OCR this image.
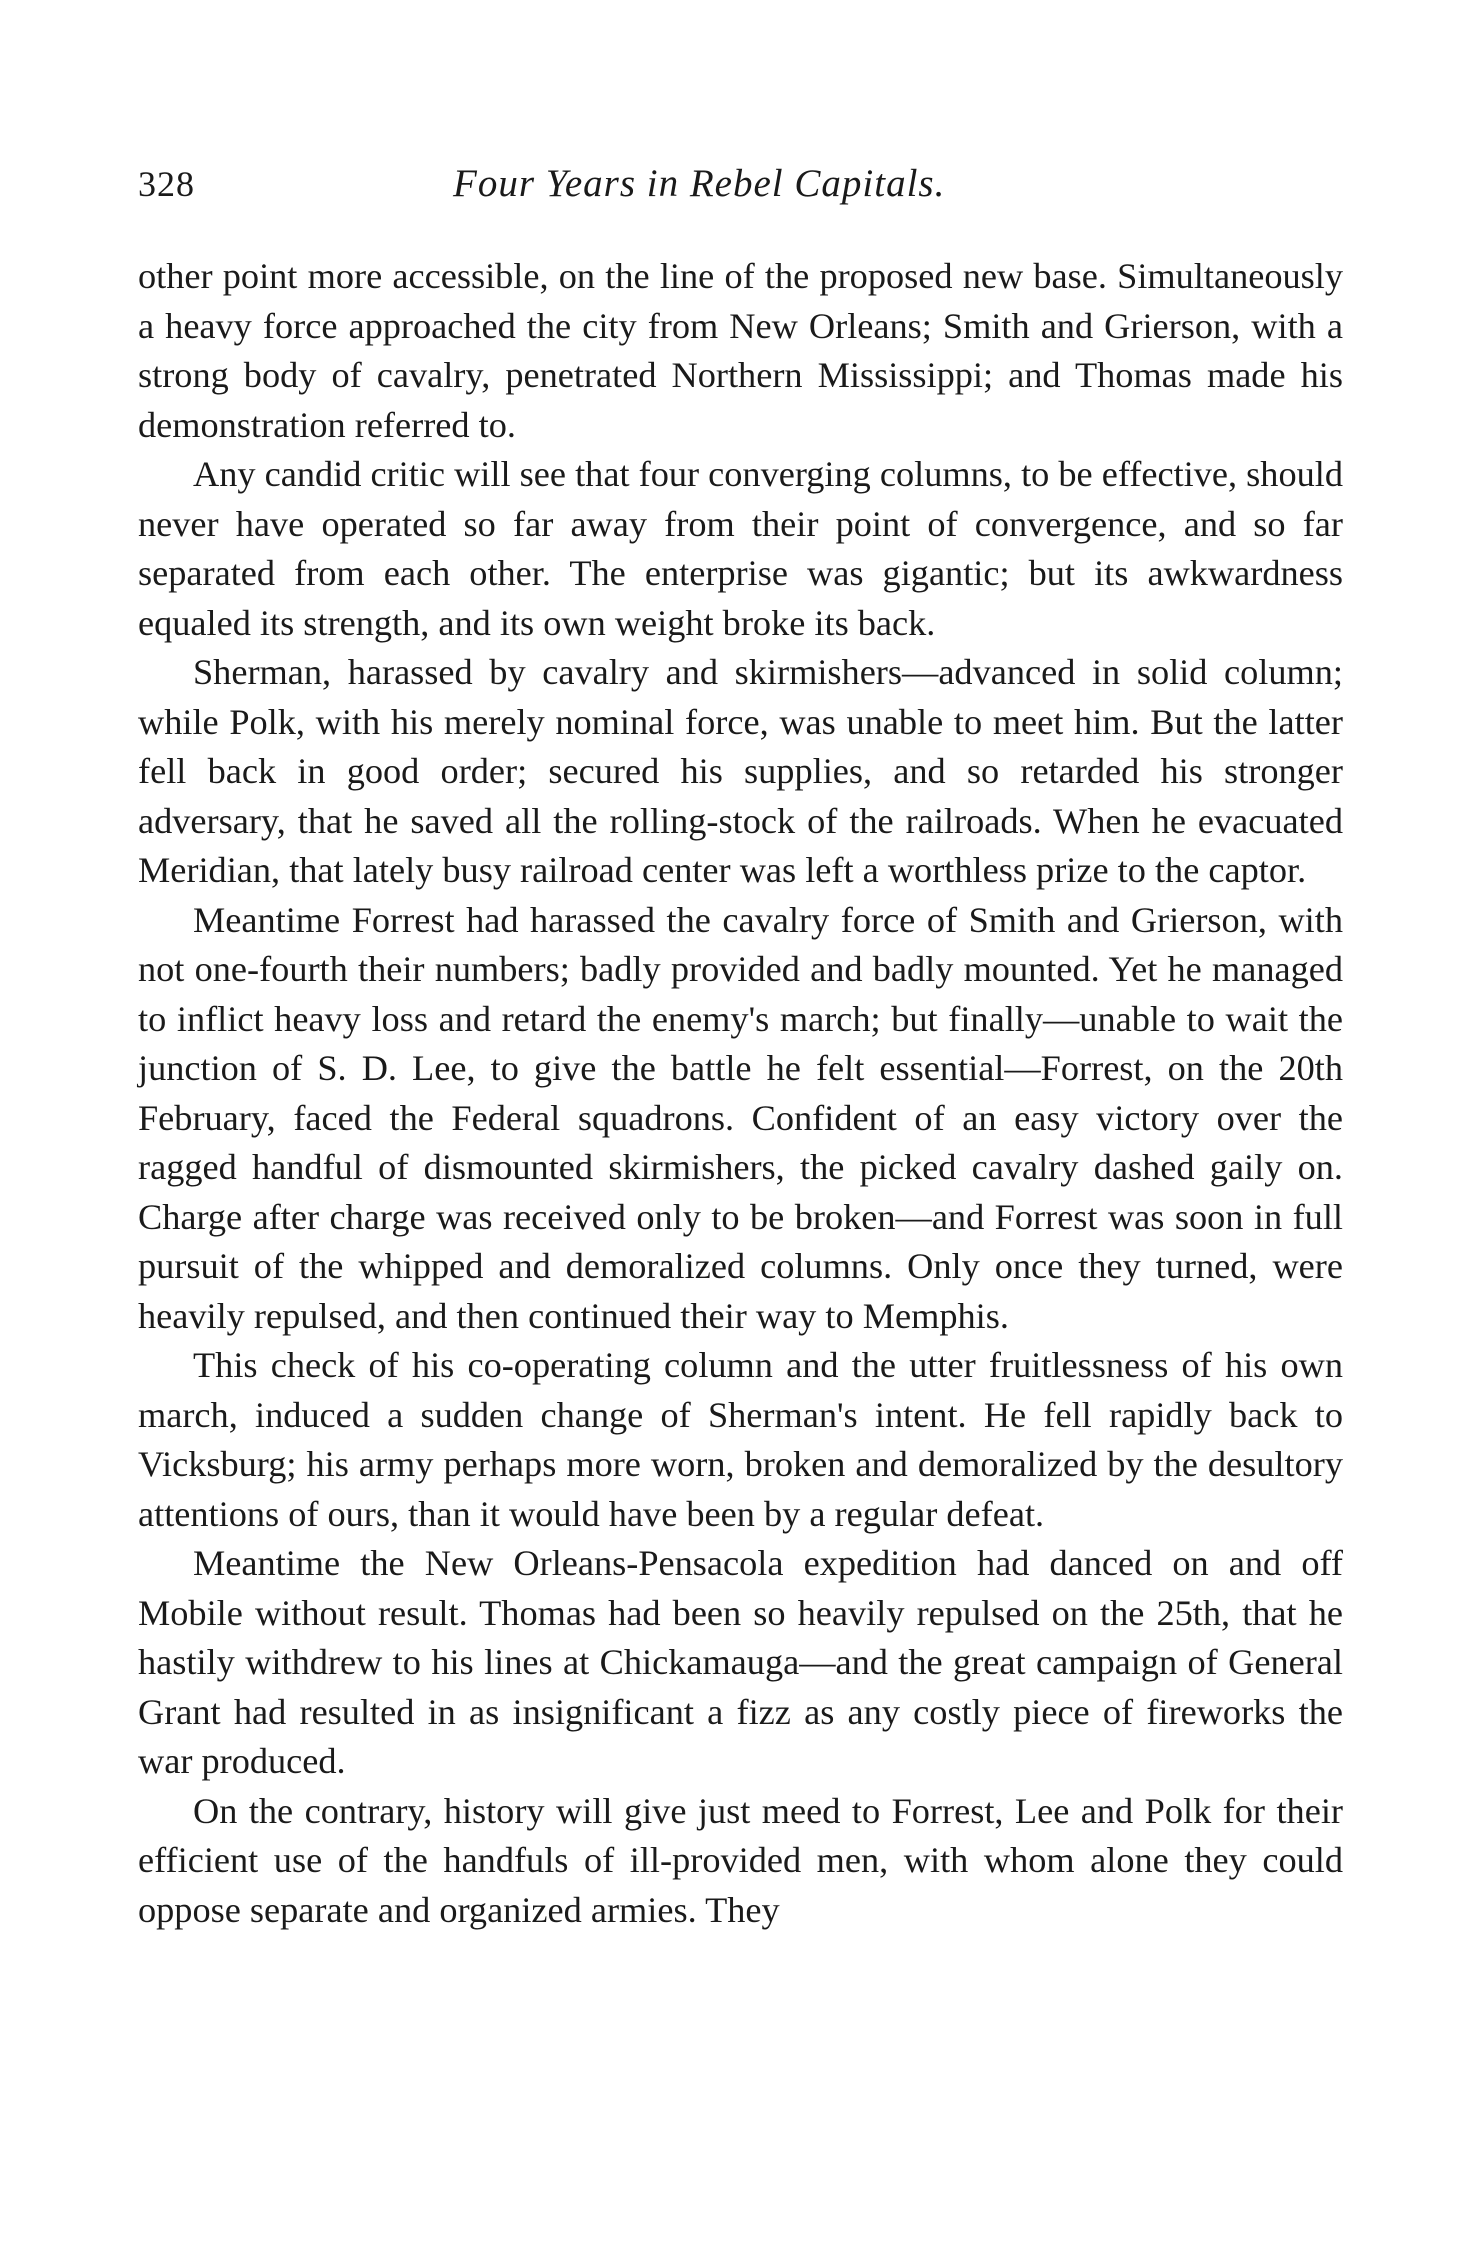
328	Four Years in Rebel Capitals.

other point more accessible, on the line of the proposed new base. Simultaneously a heavy force approached the city from New Orleans; Smith and Grierson, with a strong body of cavalry, penetrated Northern Mississippi; and Thomas made his demonstration referred to.

Any candid critic will see that four converging columns, to be effective, should never have operated so far away from their point of convergence, and so far separated from each other. The enterprise was gigantic; but its awkwardness equaled its strength, and its own weight broke its back.

Sherman, harassed by cavalry and skirmishers—advanced in solid column; while Polk, with his merely nominal force, was unable to meet him. But the latter fell back in good order; secured his supplies, and so retarded his stronger adversary, that he saved all the rolling-stock of the railroads. When he evacuated Meridian, that lately busy railroad center was left a worthless prize to the captor.

Meantime Forrest had harassed the cavalry force of Smith and Grierson, with not one-fourth their numbers; badly provided and badly mounted. Yet he managed to inflict heavy loss and retard the enemy's march; but finally—unable to wait the junction of S. D. Lee, to give the battle he felt essential—Forrest, on the 20th February, faced the Federal squadrons. Confident of an easy victory over the ragged handful of dismounted skirmishers, the picked cavalry dashed gaily on. Charge after charge was received only to be broken—and Forrest was soon in full pursuit of the whipped and demoralized columns. Only once they turned, were heavily repulsed, and then continued their way to Memphis.

This check of his co-operating column and the utter fruitlessness of his own march, induced a sudden change of Sherman's intent. He fell rapidly back to Vicksburg; his army perhaps more worn, broken and demoralized by the desultory attentions of ours, than it would have been by a regular defeat.

Meantime the New Orleans-Pensacola expedition had danced on and off Mobile without result. Thomas had been so heavily repulsed on the 25th, that he hastily withdrew to his lines at Chickamauga—and the great campaign of General Grant had resulted in as insignificant a fizz as any costly piece of fireworks the war produced.

On the contrary, history will give just meed to Forrest, Lee and Polk for their efficient use of the handfuls of ill-provided men, with whom alone they could oppose separate and organized armies. They
